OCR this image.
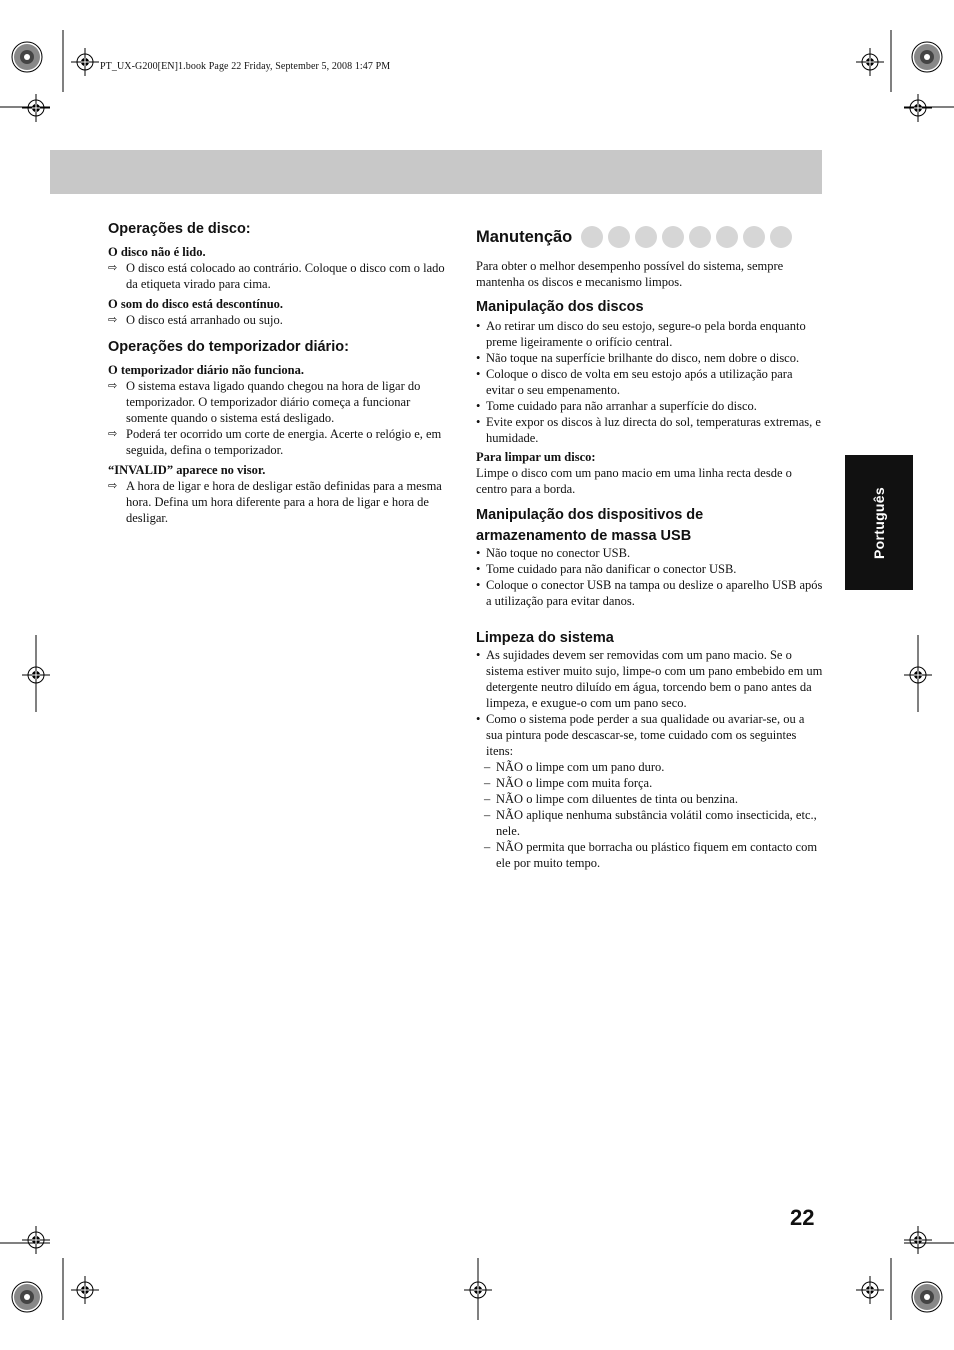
PT_UX-G200[EN]1.book Page 22 Friday, September 5, 2008 1:47 PM
Português
Operações de disco:
O disco não é lido.
⇨ O disco está colocado ao contrário. Coloque o disco com o lado da etiqueta virado para cima.
O som do disco está descontínuo.
⇨ O disco está arranhado ou sujo.
Operações do temporizador diário:
O temporizador diário não funciona.
⇨ O sistema estava ligado quando chegou na hora de ligar do temporizador. O temporizador diário começa a funcionar somente quando o sistema está desligado.
⇨ Poderá ter ocorrido um corte de energia. Acerte o relógio e, em seguida, defina o temporizador.
“INVALID” aparece no visor.
⇨ A hora de ligar e hora de desligar estão definidas para a mesma hora. Defina um hora diferente para a hora de ligar e hora de desligar.
Manutenção
Para obter o melhor desempenho possível do sistema, sempre mantenha os discos e mecanismo limpos.
Manipulação dos discos
• Ao retirar um disco do seu estojo, segure-o pela borda enquanto preme ligeiramente o orifício central.
• Não toque na superfície brilhante do disco, nem dobre o disco.
• Coloque o disco de volta em seu estojo após a utilização para evitar o seu empenamento.
• Tome cuidado para não arranhar a superfície do disco.
• Evite expor os discos à luz directa do sol, temperaturas extremas, e humidade.
Para limpar um disco:
Limpe o disco com um pano macio em uma linha recta desde o centro para a borda.
Manipulação dos dispositivos de
armazenamento de massa USB
• Não toque no conector USB.
• Tome cuidado para não danificar o conector USB.
• Coloque o conector USB na tampa ou deslize o aparelho USB após a utilização para evitar danos.
Limpeza do sistema
• As sujidades devem ser removidas com um pano macio. Se o sistema estiver muito sujo, limpe-o com um pano embebido em um detergente neutro diluído em água, torcendo bem o pano antes da limpeza, e exugue-o com um pano seco.
• Como o sistema pode perder a sua qualidade ou avariar-se, ou a sua pintura pode descascar-se, tome cuidado com os seguintes itens:
– NÃO o limpe com um pano duro.
– NÃO o limpe com muita força.
– NÃO o limpe com diluentes de tinta ou benzina.
– NÃO aplique nenhuma substância volátil como insecticida, etc., nele.
– NÃO permita que borracha ou plástico fiquem em contacto com ele por muito tempo.
22
